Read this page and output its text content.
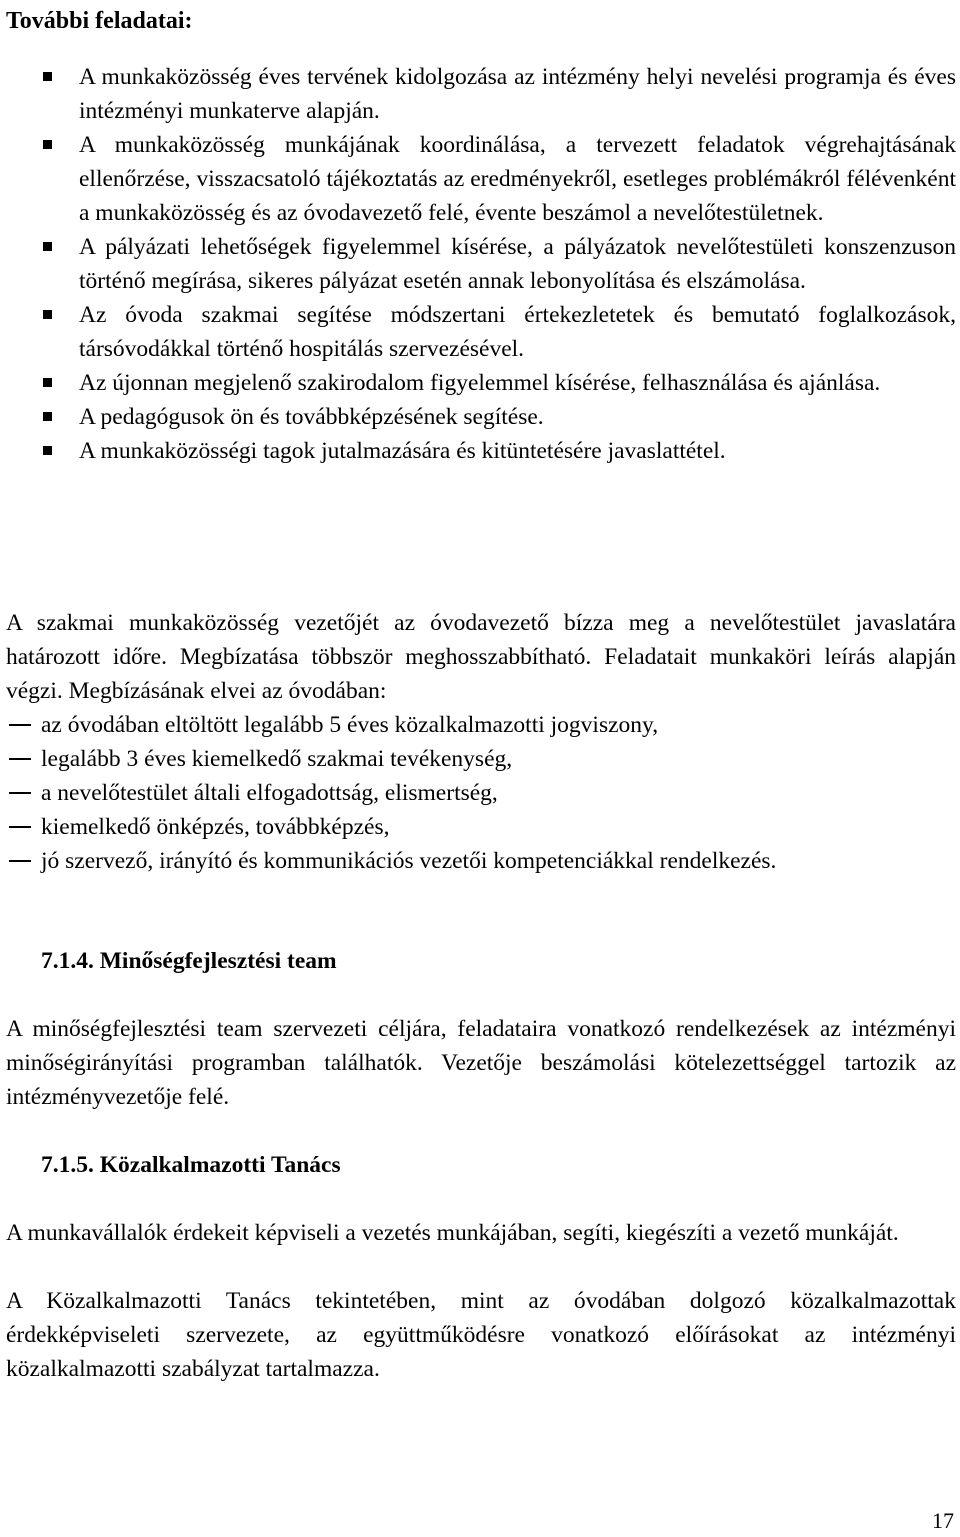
További feladatai:
A munkaközösség éves tervének kidolgozása az intézmény helyi nevelési programja és éves intézményi munkaterve alapján.
A munkaközösség munkájának koordinálása, a tervezett feladatok végrehajtásának ellenőrzése, visszacsatoló tájékoztatás az eredményekről, esetleges problémákról félévenként a munkaközösség és az óvodavezető felé, évente beszámol a nevelőtestületnek.
A pályázati lehetőségek figyelemmel kísérése, a pályázatok nevelőtestületi konszenzuson történő megírása, sikeres pályázat esetén annak lebonyolítása és elszámolása.
Az óvoda szakmai segítése módszertani értekezletetek és bemutató foglalkozások, társóvodákkal történő hospitálás szervezésével.
Az újonnan megjelenő szakirodalom figyelemmel kísérése, felhasználása és ajánlása.
A pedagógusok ön és továbbképzésének segítése.
A munkaközösségi tagok jutalmazására és kitüntetésére javaslattétel.

A szakmai munkaközösség vezetőjét az óvodavezető bízza meg a nevelőtestület javaslatára határozott időre. Megbízatása többször meghosszabbítható. Feladatait munkaköri leírás alapján végzi. Megbízásának elvei az óvodában:

az óvodában eltöltött legalább 5 éves közalkalmazotti jogviszony,
legalább 3 éves kiemelkedő szakmai tevékenység,
a nevelőtestület általi elfogadottság, elismertség,
kiemelkedő önképzés, továbbképzés,
jó szervező, irányító és kommunikációs vezetői kompetenciákkal rendelkezés.
7.1.4. Minőségfejlesztési team

A minőségfejlesztési team szervezeti céljára, feladataira vonatkozó rendelkezések az intézményi minőségirányítási programban találhatók. Vezetője beszámolási kötelezettséggel tartozik az intézményvezetője felé.

7.1.5. Közalkalmazotti Tanács

A munkavállalók érdekeit képviseli a vezetés munkájában, segíti, kiegészíti a vezető munkáját.

A Közalkalmazotti Tanács tekintetében, mint az óvodában dolgozó közalkalmazottak érdekképviseleti szervezete, az együttműködésre vonatkozó előírásokat az intézményi közalkalmazotti szabályzat tartalmazza.

17
